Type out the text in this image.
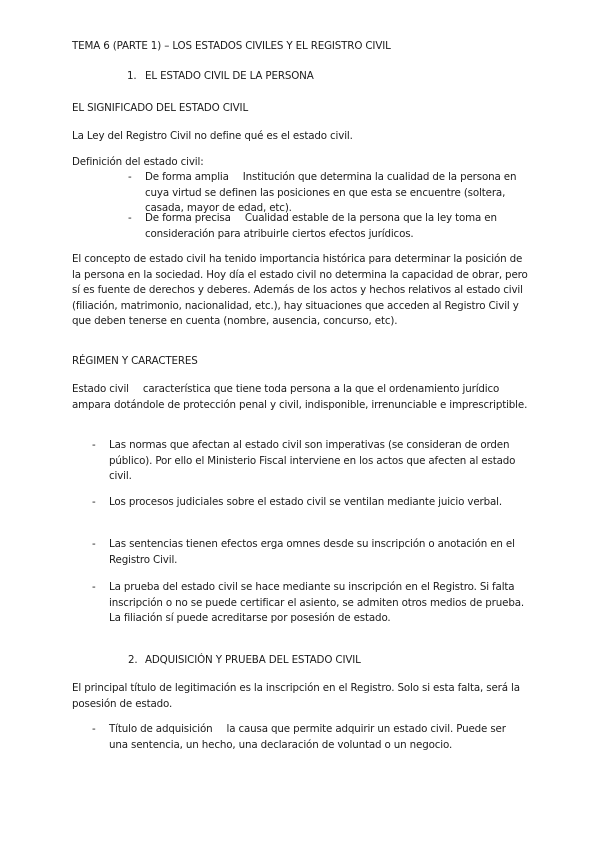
TEMA 6 (PARTE 1) – LOS ESTADOS CIVILES Y EL REGISTRO CIVIL
1. EL ESTADO CIVIL DE LA PERSONA
EL SIGNIFICADO DEL ESTADO CIVIL
La Ley del Registro Civil no define qué es el estado civil.
Definición del estado civil:
- De forma amplia Institución que determina la cualidad de la persona en cuya virtud se definen las posiciones en que esta se encuentre (soltera, casada, mayor de edad, etc).
- De forma precisa Cualidad estable de la persona que la ley toma en consideración para atribuirle ciertos efectos jurídicos.
El concepto de estado civil ha tenido importancia histórica para determinar la posición de la persona en la sociedad. Hoy día el estado civil no determina la capacidad de obrar, pero sí es fuente de derechos y deberes. Además de los actos y hechos relativos al estado civil (filiación, matrimonio, nacionalidad, etc.), hay situaciones que acceden al Registro Civil y que deben tenerse en cuenta (nombre, ausencia, concurso, etc).
RÉGIMEN Y CARACTERES
Estado civil característica que tiene toda persona a la que el ordenamiento jurídico ampara dotándole de protección penal y civil, indisponible, irrenunciable e imprescriptible.
- Las normas que afectan al estado civil son imperativas (se consideran de orden público). Por ello el Ministerio Fiscal interviene en los actos que afecten al estado civil.
- Los procesos judiciales sobre el estado civil se ventilan mediante juicio verbal.
- Las sentencias tienen efectos erga omnes desde su inscripción o anotación en el Registro Civil.
- La prueba del estado civil se hace mediante su inscripción en el Registro. Si falta inscripción o no se puede certificar el asiento, se admiten otros medios de prueba. La filiación sí puede acreditarse por posesión de estado.
2. ADQUISICIÓN Y PRUEBA DEL ESTADO CIVIL
El principal título de legitimación es la inscripción en el Registro. Solo si esta falta, será la posesión de estado.
- Título de adquisición la causa que permite adquirir un estado civil. Puede ser una sentencia, un hecho, una declaración de voluntad o un negocio.
